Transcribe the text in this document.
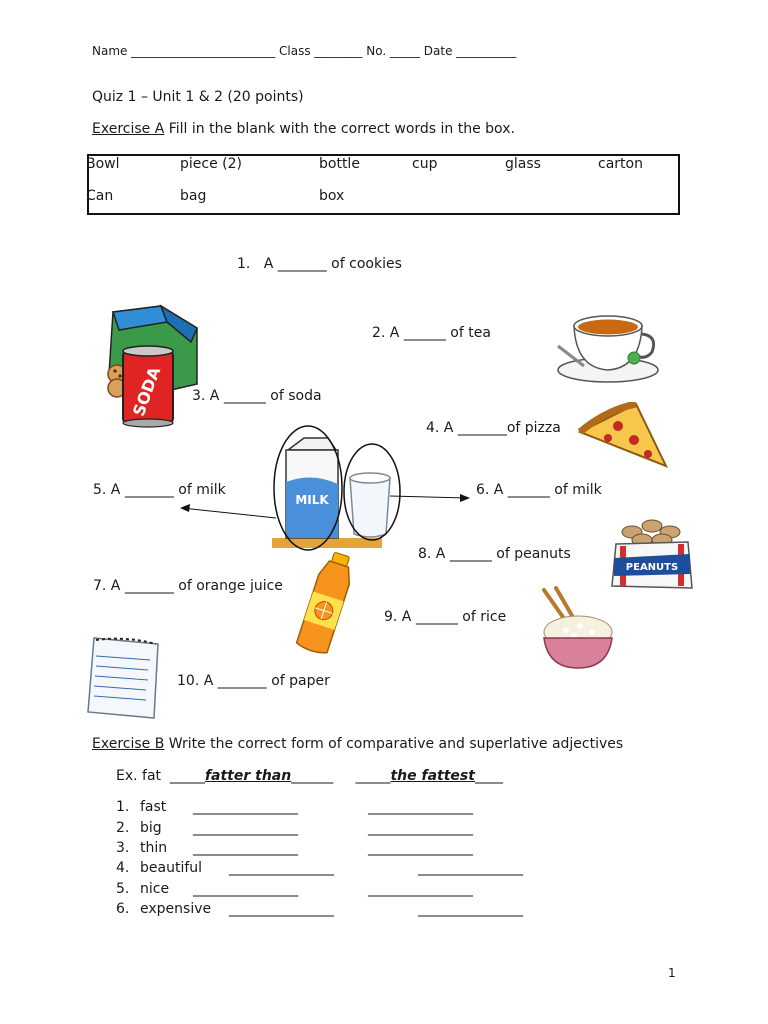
Name ________________________ Class ________ No. _____ Date __________
Quiz 1 – Unit 1 & 2 (20 points)
Exercise A Fill in the blank with the correct words in the box.
Bowl	piece (2)	bottle	cup	glass	carton
Can	bag	box
1.   A _______ of cookies
2. A ______ of tea
3. A ______ of soda
4. A _______of pizza
5. A _______ of milk	6. A ______ of milk
7. A _______ of orange juice
8. A ______ of peanuts
9. A ______ of rice
10. A _______ of paper
SODA
MILK
PEANUTS
Exercise B Write the correct form of comparative and superlative adjectives
Ex. fat  _____fatter than______     _____the fattest____
1. fast _______________	_______________
2. big _______________	_______________
3. thin _______________	_______________
4. beautiful _______________	_______________
5. nice _______________	_______________
6. expensive _______________	_______________
1
